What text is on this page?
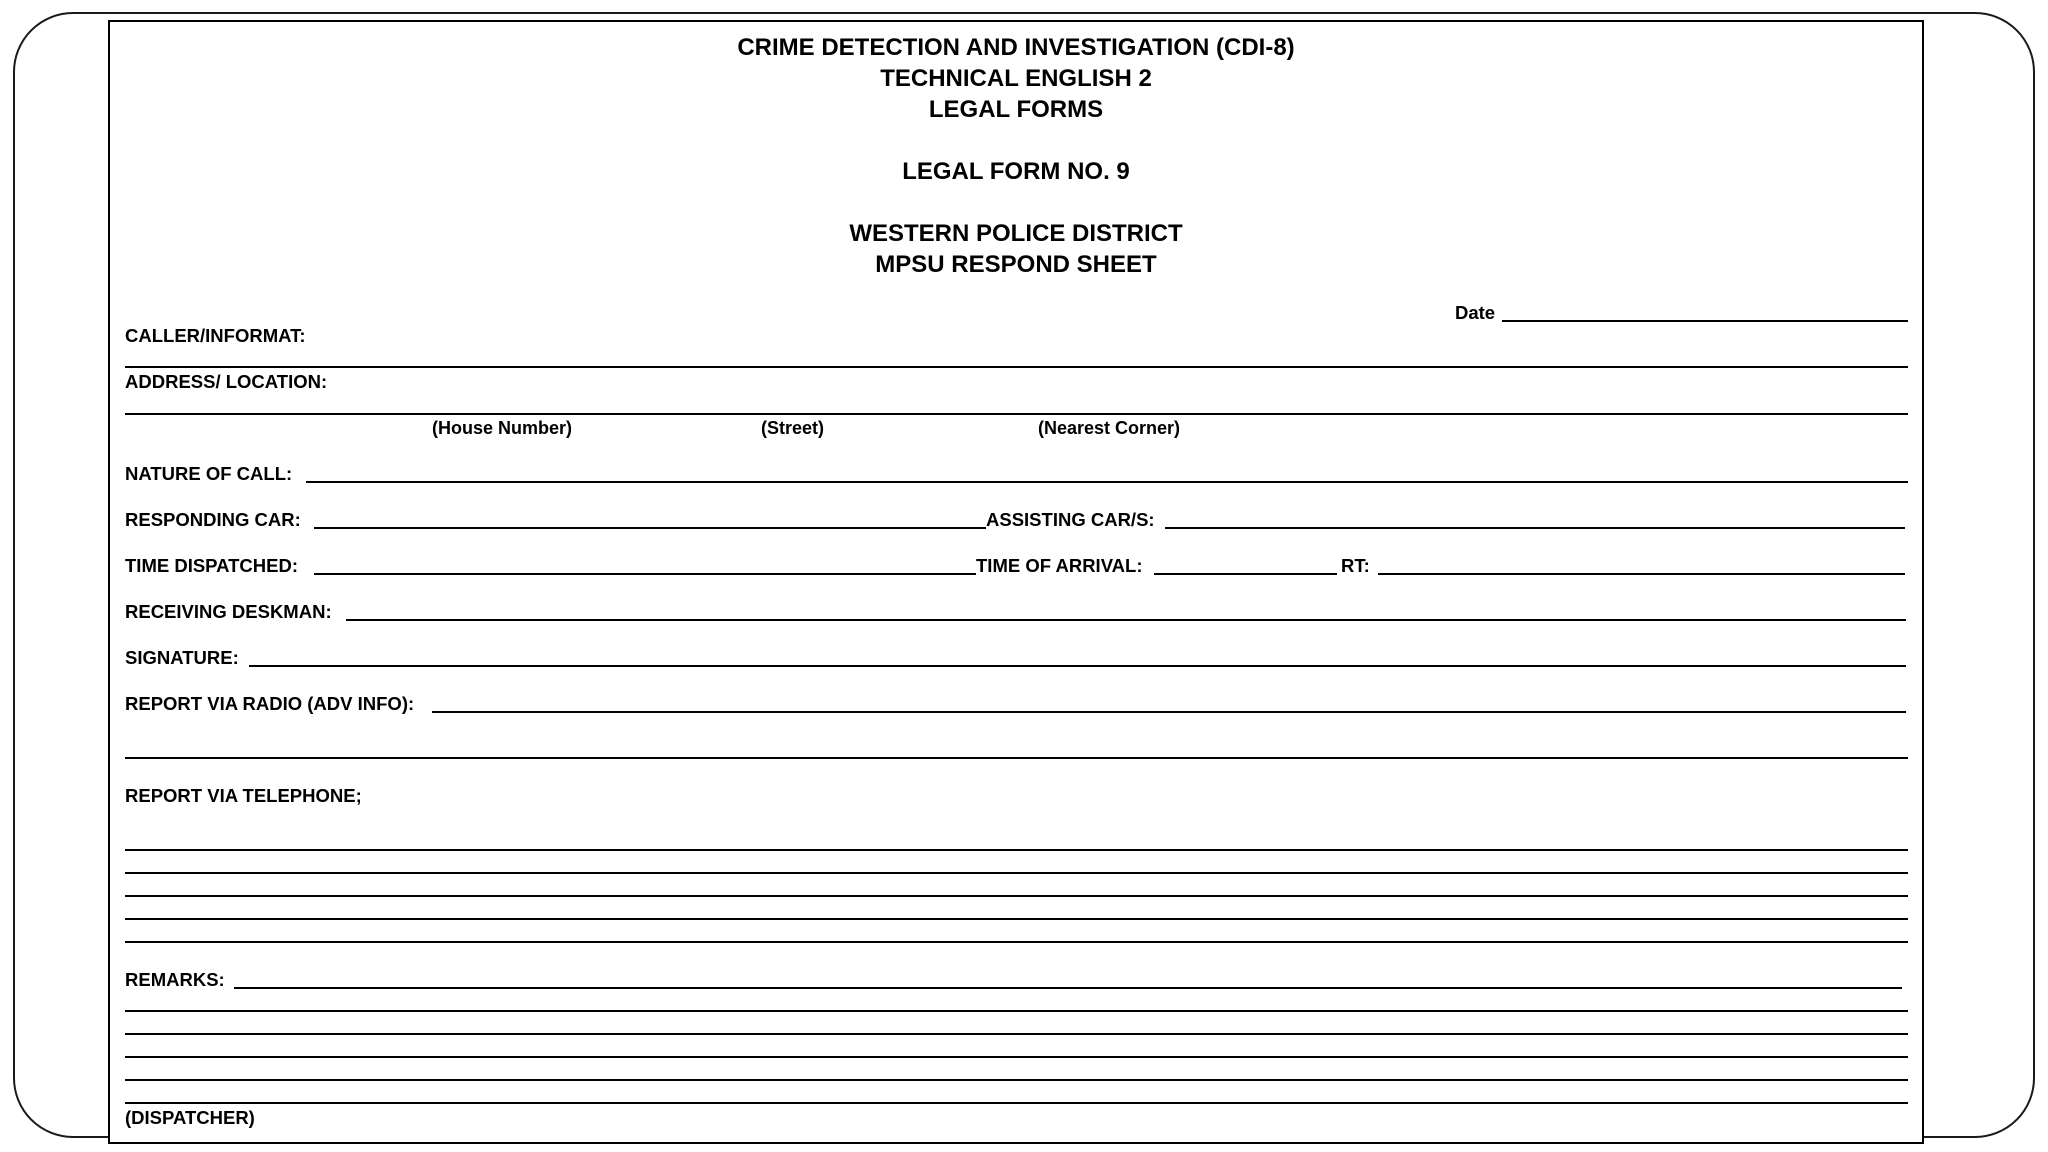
CRIME DETECTION AND INVESTIGATION (CDI-8)
TECHNICAL ENGLISH 2
LEGAL FORMS
LEGAL FORM NO. 9
WESTERN POLICE DISTRICT
MPSU RESPOND SHEET
Date
CALLER/INFORMAT:
ADDRESS/ LOCATION:
(House Number)	(Street)	(Nearest Corner)
NATURE OF CALL:
RESPONDING CAR:	ASSISTING CAR/S:
TIME DISPATCHED:	TIME OF ARRIVAL:	RT:
RECEIVING DESKMAN:
SIGNATURE:
REPORT VIA RADIO (ADV INFO):
REPORT VIA TELEPHONE;
REMARKS:
(DISPATCHER)
